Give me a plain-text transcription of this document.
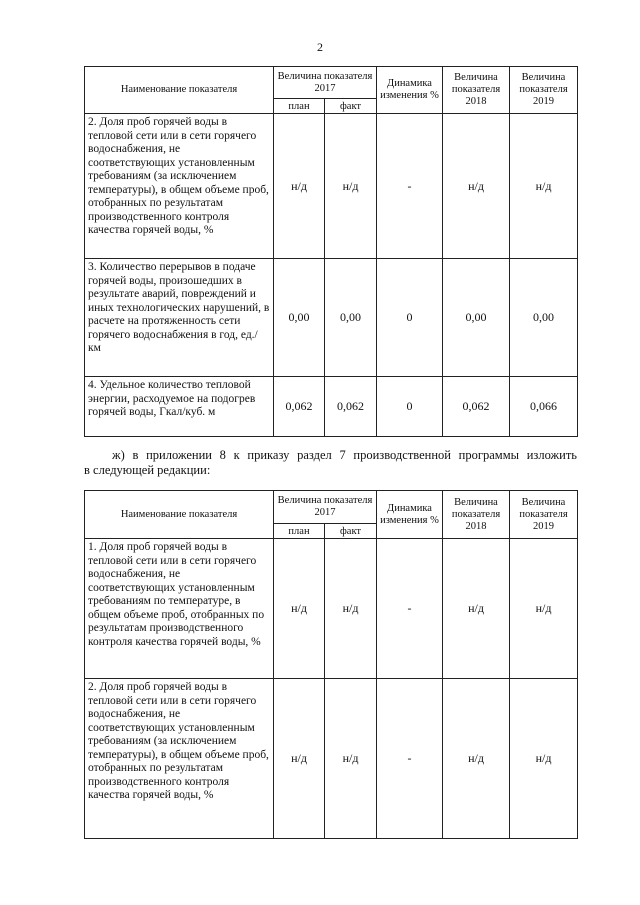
2
Наименование показателя	Величина показателя 2017		Динамика изменения %	Величина показателя 2018	Величина показателя 2019
	план	факт			
2. Доля проб горячей воды в тепловой сети или в сети горячего водоснабжения, не соответствующих установленным требованиям (за исключением температуры), в общем объеме проб, отобранных по результатам производственного контроля качества горячей воды, %	н/д	н/д	-	н/д	н/д
3. Количество перерывов в подаче горячей воды, произошедших в результате аварий, повреждений и иных технологических нарушений, в расчете на протяженность сети горячего водоснабжения в год, ед./км	0,00	0,00	0	0,00	0,00
4. Удельное количество тепловой энергии, расходуемое на подогрев горячей воды, Гкал/куб. м	0,062	0,062	0	0,062	0,066
ж) в приложении 8 к приказу раздел 7 производственной программы изложить
в следующей редакции:
Наименование показателя	Величина показателя 2017		Динамика изменения %	Величина показателя 2018	Величина показателя 2019
	план	факт			
1. Доля проб горячей воды в тепловой сети или в сети горячего водоснабжения, не соответствующих установленным требованиям по температуре, в общем объеме проб, отобранных по результатам производственного контроля качества горячей воды, %	н/д	н/д	-	н/д	н/д
2. Доля проб горячей воды в тепловой сети или в сети горячего водоснабжения, не соответствующих установленным требованиям (за исключением температуры), в общем объеме проб, отобранных по результатам производственного контроля качества горячей воды, %	н/д	н/д	-	н/д	н/д
